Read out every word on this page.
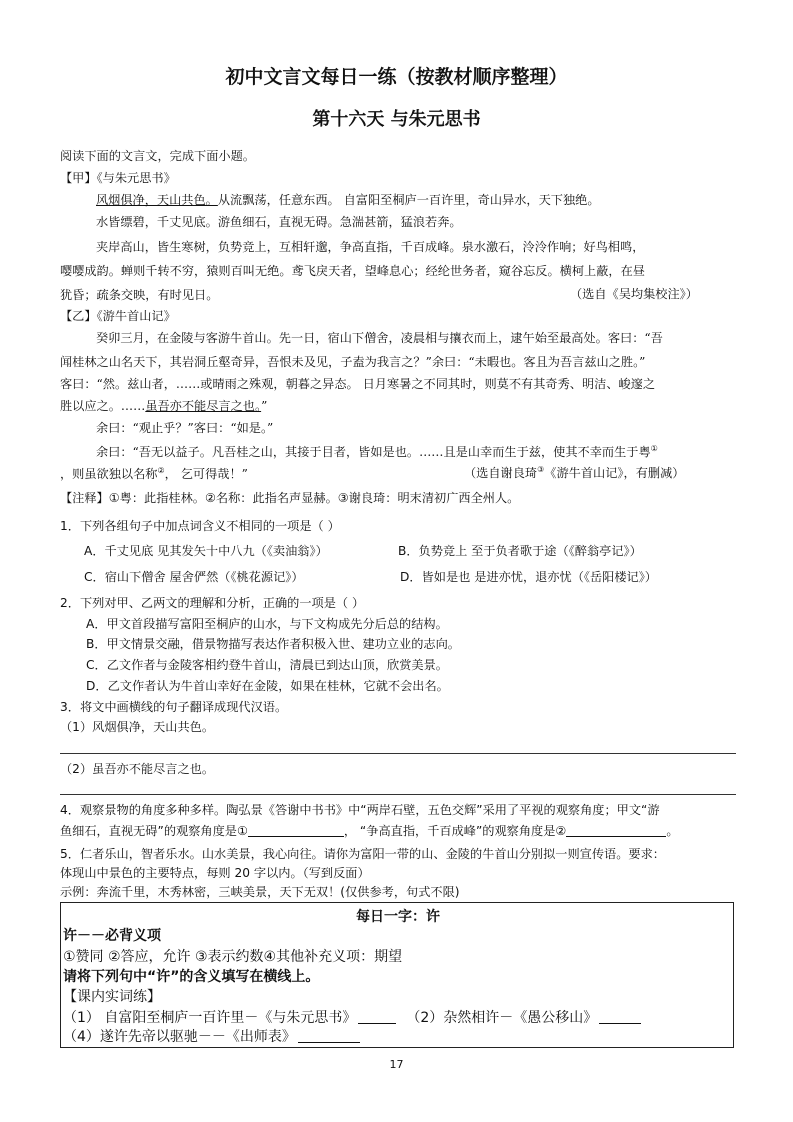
初中文言文每日一练（按教材顺序整理）
第十六天 与朱元思书
阅读下面的文言文，完成下面小题。
【甲】《与朱元思书》
风烟俱净，天山共色。从流飘荡，任意东西。 自富阳至桐庐一百许里，奇山异水，天下独绝。
水皆缥碧，千丈见底。游鱼细石，直视无碍。急湍甚箭，猛浪若奔。
夹岸高山，皆生寒树，负势竞上，互相轩邈，争高直指，千百成峰。泉水激石，泠泠作响；好鸟相鸣，
嘤嘤成韵。蝉则千转不穷，猿则百叫无绝。鸢飞戾天者，望峰息心；经纶世务者，窥谷忘反。横柯上蔽，在昼
犹昏；疏条交映，有时见日。	（选自《吴均集校注》）
【乙】《游牛首山记》
癸卯三月，在金陵与客游牛首山。先一日，宿山下僧舍，凌晨相与攘衣而上，逮午始至最高处。客曰：“吾
闻桂林之山名天下，其岩洞丘壑奇异，吾恨未及见，子盍为我言之？”余曰：“未暇也。客且为吾言兹山之胜。”
客曰：“然。兹山者，……或晴雨之殊观，朝暮之异态。 日月寒暑之不同其时，则莫不有其奇秀、明洁、峻邃之
胜以应之。……虽吾亦不能尽言之也。”
余曰：“观止乎？”客曰：“如是。”
余曰：“吾无以益子。凡吾桂之山，其接于目者，皆如是也。……且是山幸而生于兹，使其不幸而生于粤①
，则虽欲独以名称②， 乞可得哉！”	（选自谢良琦③《游牛首山记》，有删减）
【注释】①粤：此指桂林。②名称：此指名声显赫。③谢良琦：明末清初广西全州人。
1．下列各组句子中加点词含义不相同的一项是（ ）
A．千丈见底 见其发矢十中八九（《卖油翁》）	B．负势竞上 至于负者歌于途（《醉翁亭记》）
C．宿山下僧舍 屋舍俨然（《桃花源记》）	D．皆如是也 是进亦忧，退亦忧（《岳阳楼记》）
2．下列对甲、乙两文的理解和分析，正确的一项是（ ）
A．甲文首段描写富阳至桐庐的山水，与下文构成先分后总的结构。
B．甲文情景交融，借景物描写表达作者积极入世、建功立业的志向。
C．乙文作者与金陵客相约登牛首山，清晨已到达山顶，欣赏美景。
D．乙文作者认为牛首山幸好在金陵，如果在桂林，它就不会出名。
3．将文中画横线的句子翻译成现代汉语。
（1）风烟俱净，天山共色。
（2）虽吾亦不能尽言之也。
4．观察景物的角度多种多样。陶弘景《答谢中书书》中“两岸石壁，五色交辉”采用了平视的观察角度；甲文“游
鱼细石，直视无碍”的观察角度是①	， “争高直指，千百成峰”的观察角度是②	。
5．仁者乐山，智者乐水。山水美景，我心向往。请你为富阳一带的山、金陵的牛首山分别拟一则宣传语。要求：
体现山中景色的主要特点，每则 20 字以内。（写到反面）
示例：奔流千里，木秀林密，三峡美景，天下无双！(仅供参考，句式不限)
每日一字：许
许－－必背义项
①赞同 ②答应，允许 ③表示约数④其他补充义项：期望
请将下列句中“许”的含义填写在横线上。
【课内实词练】
（1） 自富阳至桐庐一百许里－《与朱元思书》	（2）杂然相许－《愚公移山》
（4）遂许先帝以驱驰－－《出师表》
17
